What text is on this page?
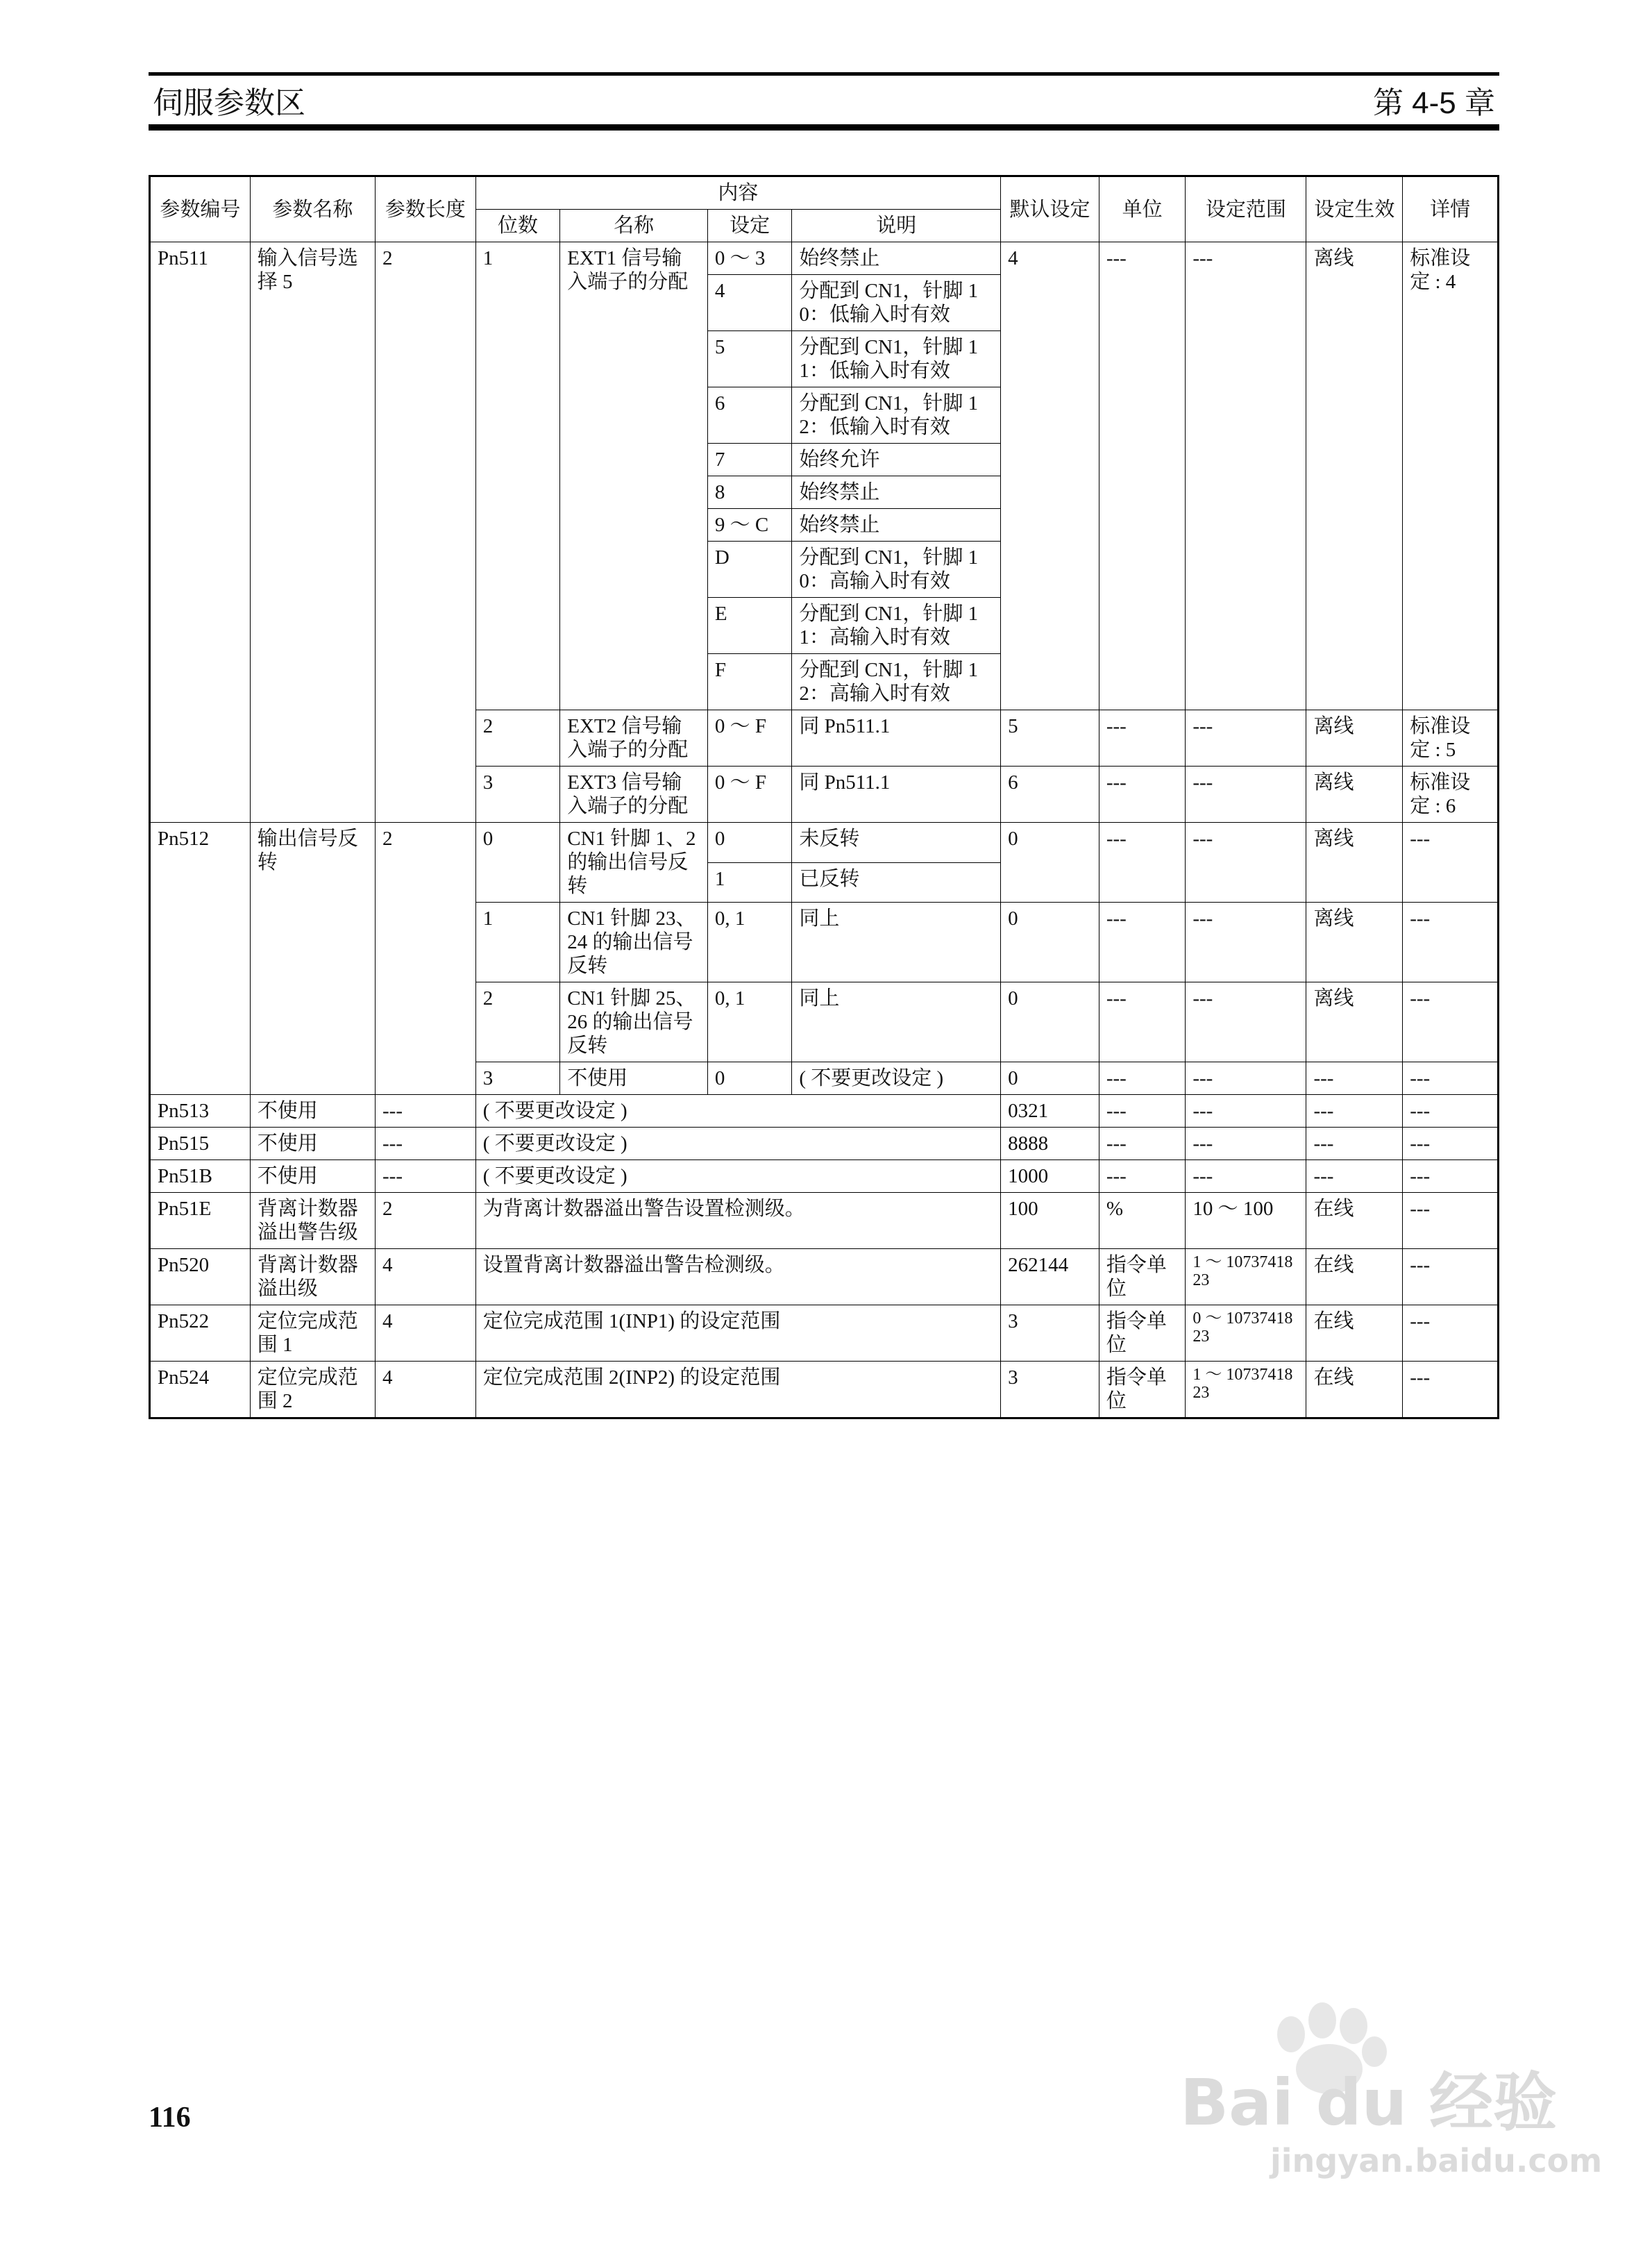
伺服参数区	第 4-5 章
参数编号	参数名称	参数长度	内容				默认设定	单位	设定范围	设定生效	详情
			位数	名称	设定	说明					
Pn511	输入信号选择 5	2	1	EXT1 信号输入端子的分配	0 ～ 3	始终禁止	4	---	---	离线	标准设定 : 4
					4	分配到 CN1，针脚 10：低输入时有效					
					5	分配到 CN1，针脚 11：低输入时有效					
					6	分配到 CN1，针脚 12：低输入时有效					
					7	始终允许					
					8	始终禁止					
					9 ～ C	始终禁止					
					D	分配到 CN1，针脚 10：高输入时有效					
					E	分配到 CN1，针脚 11：高输入时有效					
					F	分配到 CN1，针脚 12：高输入时有效					
			2	EXT2 信号输入端子的分配	0 ～ F	同 Pn511.1	5	---	---	离线	标准设定 : 5
			3	EXT3 信号输入端子的分配	0 ～ F	同 Pn511.1	6	---	---	离线	标准设定 : 6
Pn512	输出信号反转	2	0	CN1 针脚 1、2 的输出信号反转	0	未反转	0	---	---	离线	---
					1	已反转					
			1	CN1 针脚 23、 24 的输出信号反转	0, 1	同上	0	---	---	离线	---
			2	CN1 针脚 25、 26 的输出信号反转	0, 1	同上	0	---	---	离线	---
			3	不使用	0	( 不要更改设定 )	0	---	---	---	---
Pn513	不使用	---	( 不要更改设定 )				0321	---	---	---	---
Pn515	不使用	---	( 不要更改设定 )				8888	---	---	---	---
Pn51B	不使用	---	( 不要更改设定 )				1000	---	---	---	---
Pn51E	背离计数器溢出警告级	2	为背离计数器溢出警告设置检测级。				100	%	10 ～ 100	在线	---
Pn520	背离计数器溢出级	4	设置背离计数器溢出警告检测级。				262144	指令单位	1 ～ 1073741823	在线	---
Pn522	定位完成范围 1	4	定位完成范围 1(INP1) 的设定范围				3	指令单位	0 ～ 1073741823	在线	---
Pn524	定位完成范围 2	4	定位完成范围 2(INP2) 的设定范围				3	指令单位	1 ～ 1073741823	在线	---
116	Bai du 经验
jingyan.baidu.com
